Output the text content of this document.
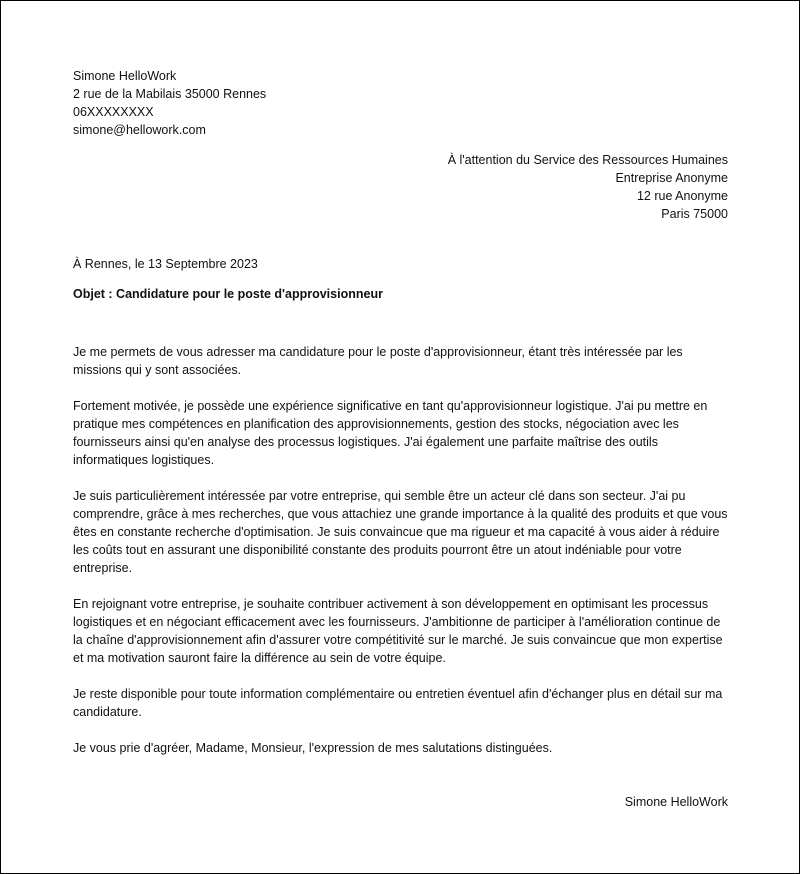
Simone HelloWork
2 rue de la Mabilais 35000 Rennes
06XXXXXXXX
simone@hellowork.com
À l'attention du Service des Ressources Humaines
Entreprise Anonyme
12 rue Anonyme
Paris 75000
À Rennes, le 13 Septembre 2023
Objet : Candidature pour le poste d'approvisionneur

Je me permets de vous adresser ma candidature pour le poste d'approvisionneur, étant très intéressée par les missions qui y sont associées.

Fortement motivée, je possède une expérience significative en tant qu'approvisionneur logistique. J'ai pu mettre en pratique mes compétences en planification des approvisionnements, gestion des stocks, négociation avec les fournisseurs ainsi qu'en analyse des processus logistiques. J'ai également une parfaite maîtrise des outils informatiques logistiques.

Je suis particulièrement intéressée par votre entreprise, qui semble être un acteur clé dans son secteur. J'ai pu comprendre, grâce à mes recherches, que vous attachiez une grande importance à la qualité des produits et que vous êtes en constante recherche d'optimisation. Je suis convaincue que ma rigueur et ma capacité à vous aider à réduire les coûts tout en assurant une disponibilité constante des produits pourront être un atout indéniable pour votre entreprise.

En rejoignant votre entreprise, je souhaite contribuer activement à son développement en optimisant les processus logistiques et en négociant efficacement avec les fournisseurs. J'ambitionne de participer à l'amélioration continue de la chaîne d'approvisionnement afin d'assurer votre compétitivité sur le marché. Je suis convaincue que mon expertise et ma motivation sauront faire la différence au sein de votre équipe.

Je reste disponible pour toute information complémentaire ou entretien éventuel afin d'échanger plus en détail sur ma candidature.

Je vous prie d'agréer, Madame, Monsieur, l'expression de mes salutations distinguées.

Simone HelloWork
